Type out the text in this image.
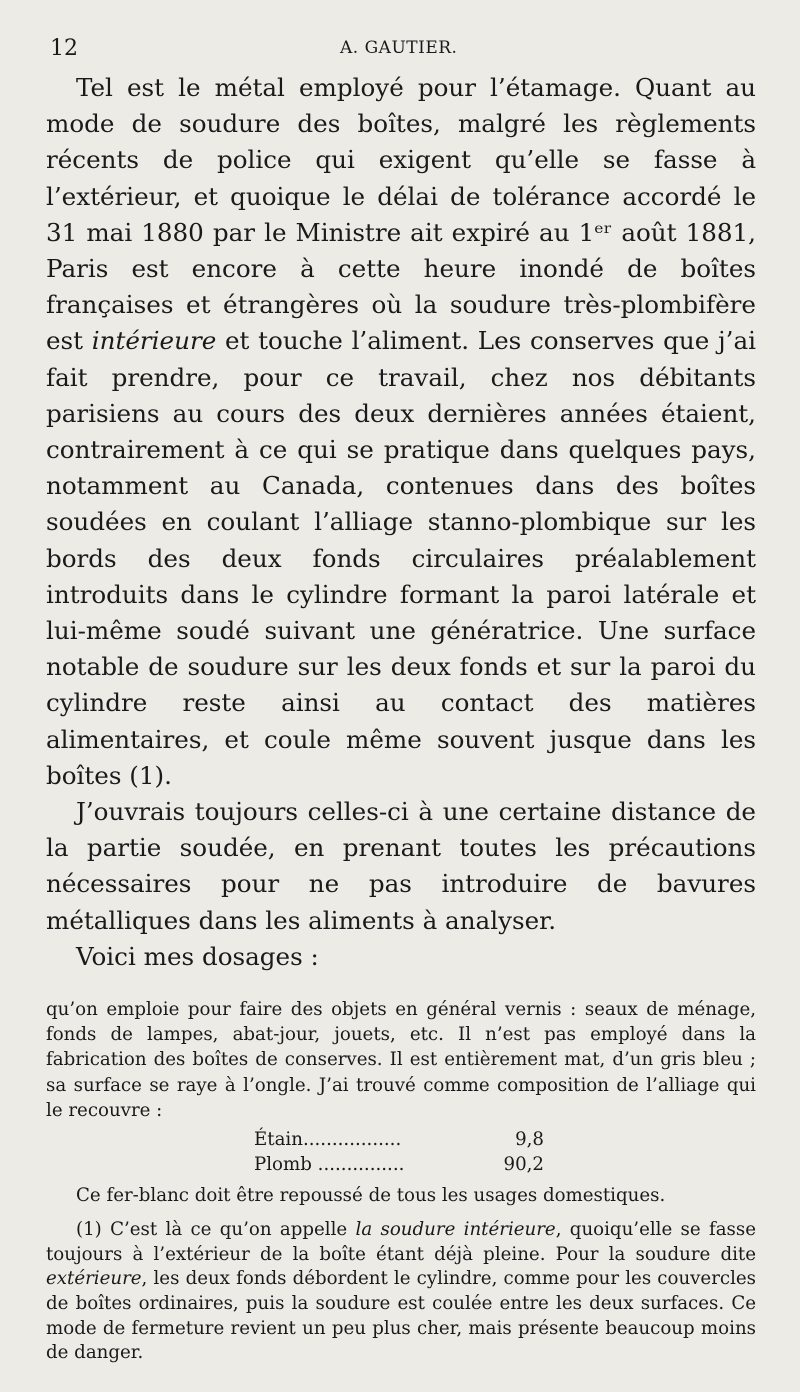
12	A. GAUTIER.

Tel est le métal employé pour l’étamage. Quant au mode de soudure des boîtes, malgré les règlements récents de police qui exigent qu’elle se fasse à l’extérieur, et quoique le délai de tolérance accordé le 31 mai 1880 par le Ministre ait expiré au 1ᵉʳ août 1881, Paris est encore à cette heure inondé de boîtes françaises et étrangères où la soudure très-plombifère est intérieure et touche l’aliment. Les conserves que j’ai fait prendre, pour ce travail, chez nos débitants parisiens au cours des deux dernières années étaient, contrairement à ce qui se pratique dans quelques pays, notamment au Canada, contenues dans des boîtes soudées en coulant l’alliage stanno-plombique sur les bords des deux fonds circulaires préalablement introduits dans le cylindre formant la paroi latérale et lui-même soudé suivant une génératrice. Une surface notable de soudure sur les deux fonds et sur la paroi du cylindre reste ainsi au contact des matières alimentaires, et coule même souvent jusque dans les boîtes (1).

J’ouvrais toujours celles-ci à une certaine distance de la partie soudée, en prenant toutes les précautions nécessaires pour ne pas introduire de bavures métalliques dans les aliments à analyser.

Voici mes dosages :

qu’on emploie pour faire des objets en général vernis : seaux de ménage, fonds de lampes, abat-jour, jouets, etc. Il n’est pas employé dans la fabrication des boîtes de conserves. Il est entièrement mat, d’un gris bleu ; sa surface se raye à l’ongle. J’ai trouvé comme composition de l’alliage qui le recouvre :

Étain.................	9,8
Plomb ...............	90,2

Ce fer-blanc doit être repoussé de tous les usages domestiques.

(1) C’est là ce qu’on appelle la soudure intérieure, quoiqu’elle se fasse toujours à l’extérieur de la boîte étant déjà pleine. Pour la soudure dite extérieure, les deux fonds débordent le cylindre, comme pour les couvercles de boîtes ordinaires, puis la soudure est coulée entre les deux surfaces. Ce mode de fermeture revient un peu plus cher, mais présente beaucoup moins de danger.
